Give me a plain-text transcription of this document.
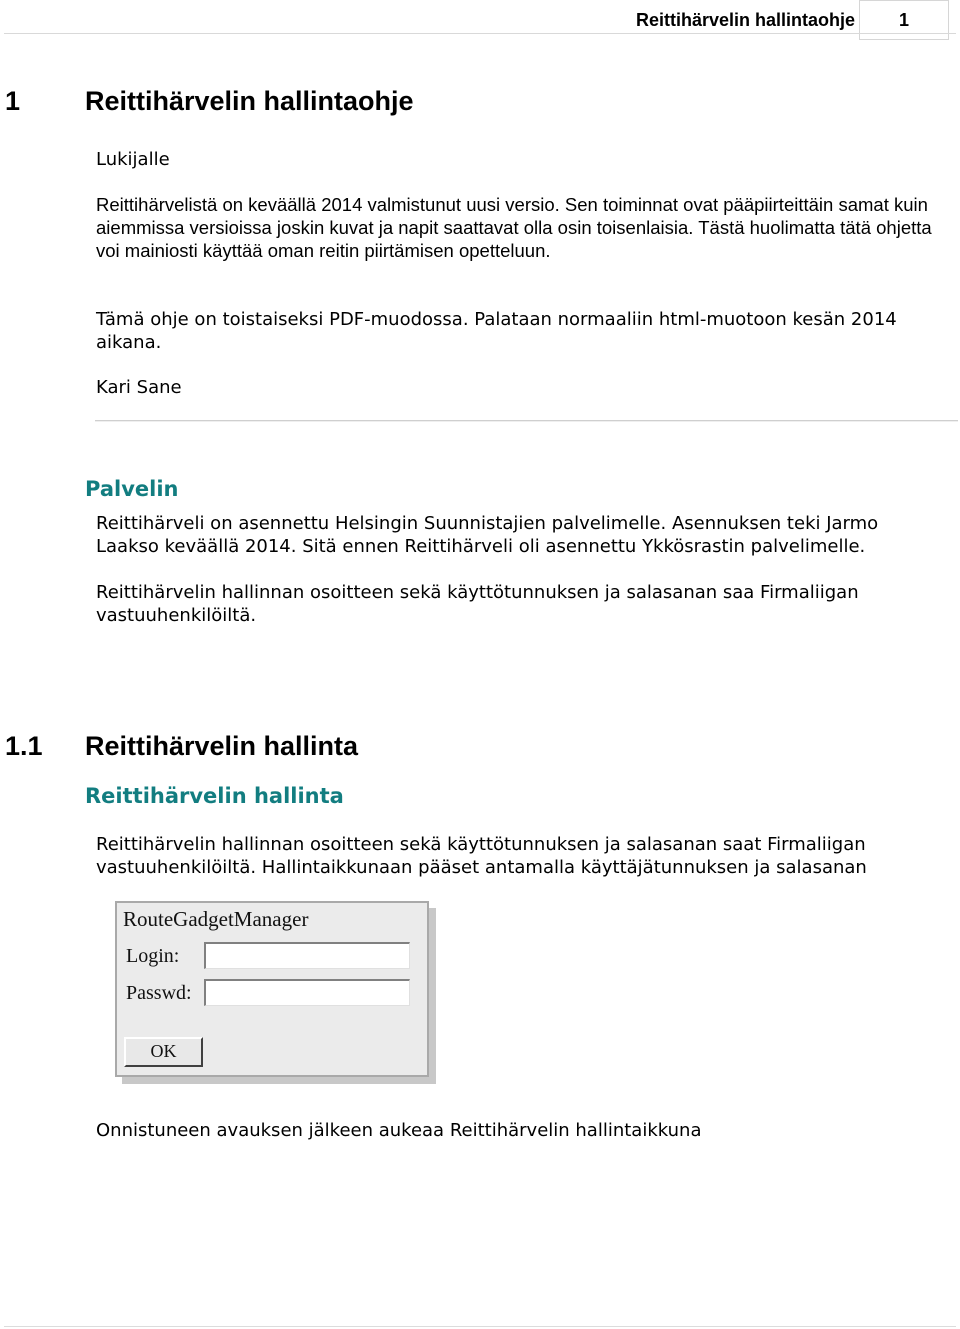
Reittihärvelin hallintaohje	1
1 Reittihärvelin hallintaohje
Lukijalle
Reittihärvelistä on keväällä 2014 valmistunut uusi versio. Sen toiminnat ovat pääpiirteittäin samat kuin aiemmissa versioissa joskin kuvat ja napit saattavat olla osin toisenlaisia. Tästä huolimatta tätä ohjetta voi mainiosti käyttää oman reitin piirtämisen opetteluun.
Tämä ohje on toistaiseksi PDF-muodossa. Palataan normaaliin html-muotoon kesän 2014 aikana.
Kari Sane
Palvelin
Reittihärveli on asennettu Helsingin Suunnistajien palvelimelle. Asennuksen teki Jarmo Laakso keväällä 2014. Sitä ennen Reittihärveli oli asennettu Ykkösrastin palvelimelle.
Reittihärvelin hallinnan osoitteen sekä käyttötunnuksen ja salasanan saa Firmaliigan vastuuhenkilöiltä.
1.1 Reittihärvelin hallinta
Reittihärvelin hallinta
Reittihärvelin hallinnan osoitteen sekä käyttötunnuksen ja salasanan saat Firmaliigan vastuuhenkilöiltä. Hallintaikkunaan pääset antamalla käyttäjätunnuksen ja salasanan
RouteGadgetManager
Login:
Passwd:
OK
Onnistuneen avauksen jälkeen aukeaa Reittihärvelin hallintaikkuna
